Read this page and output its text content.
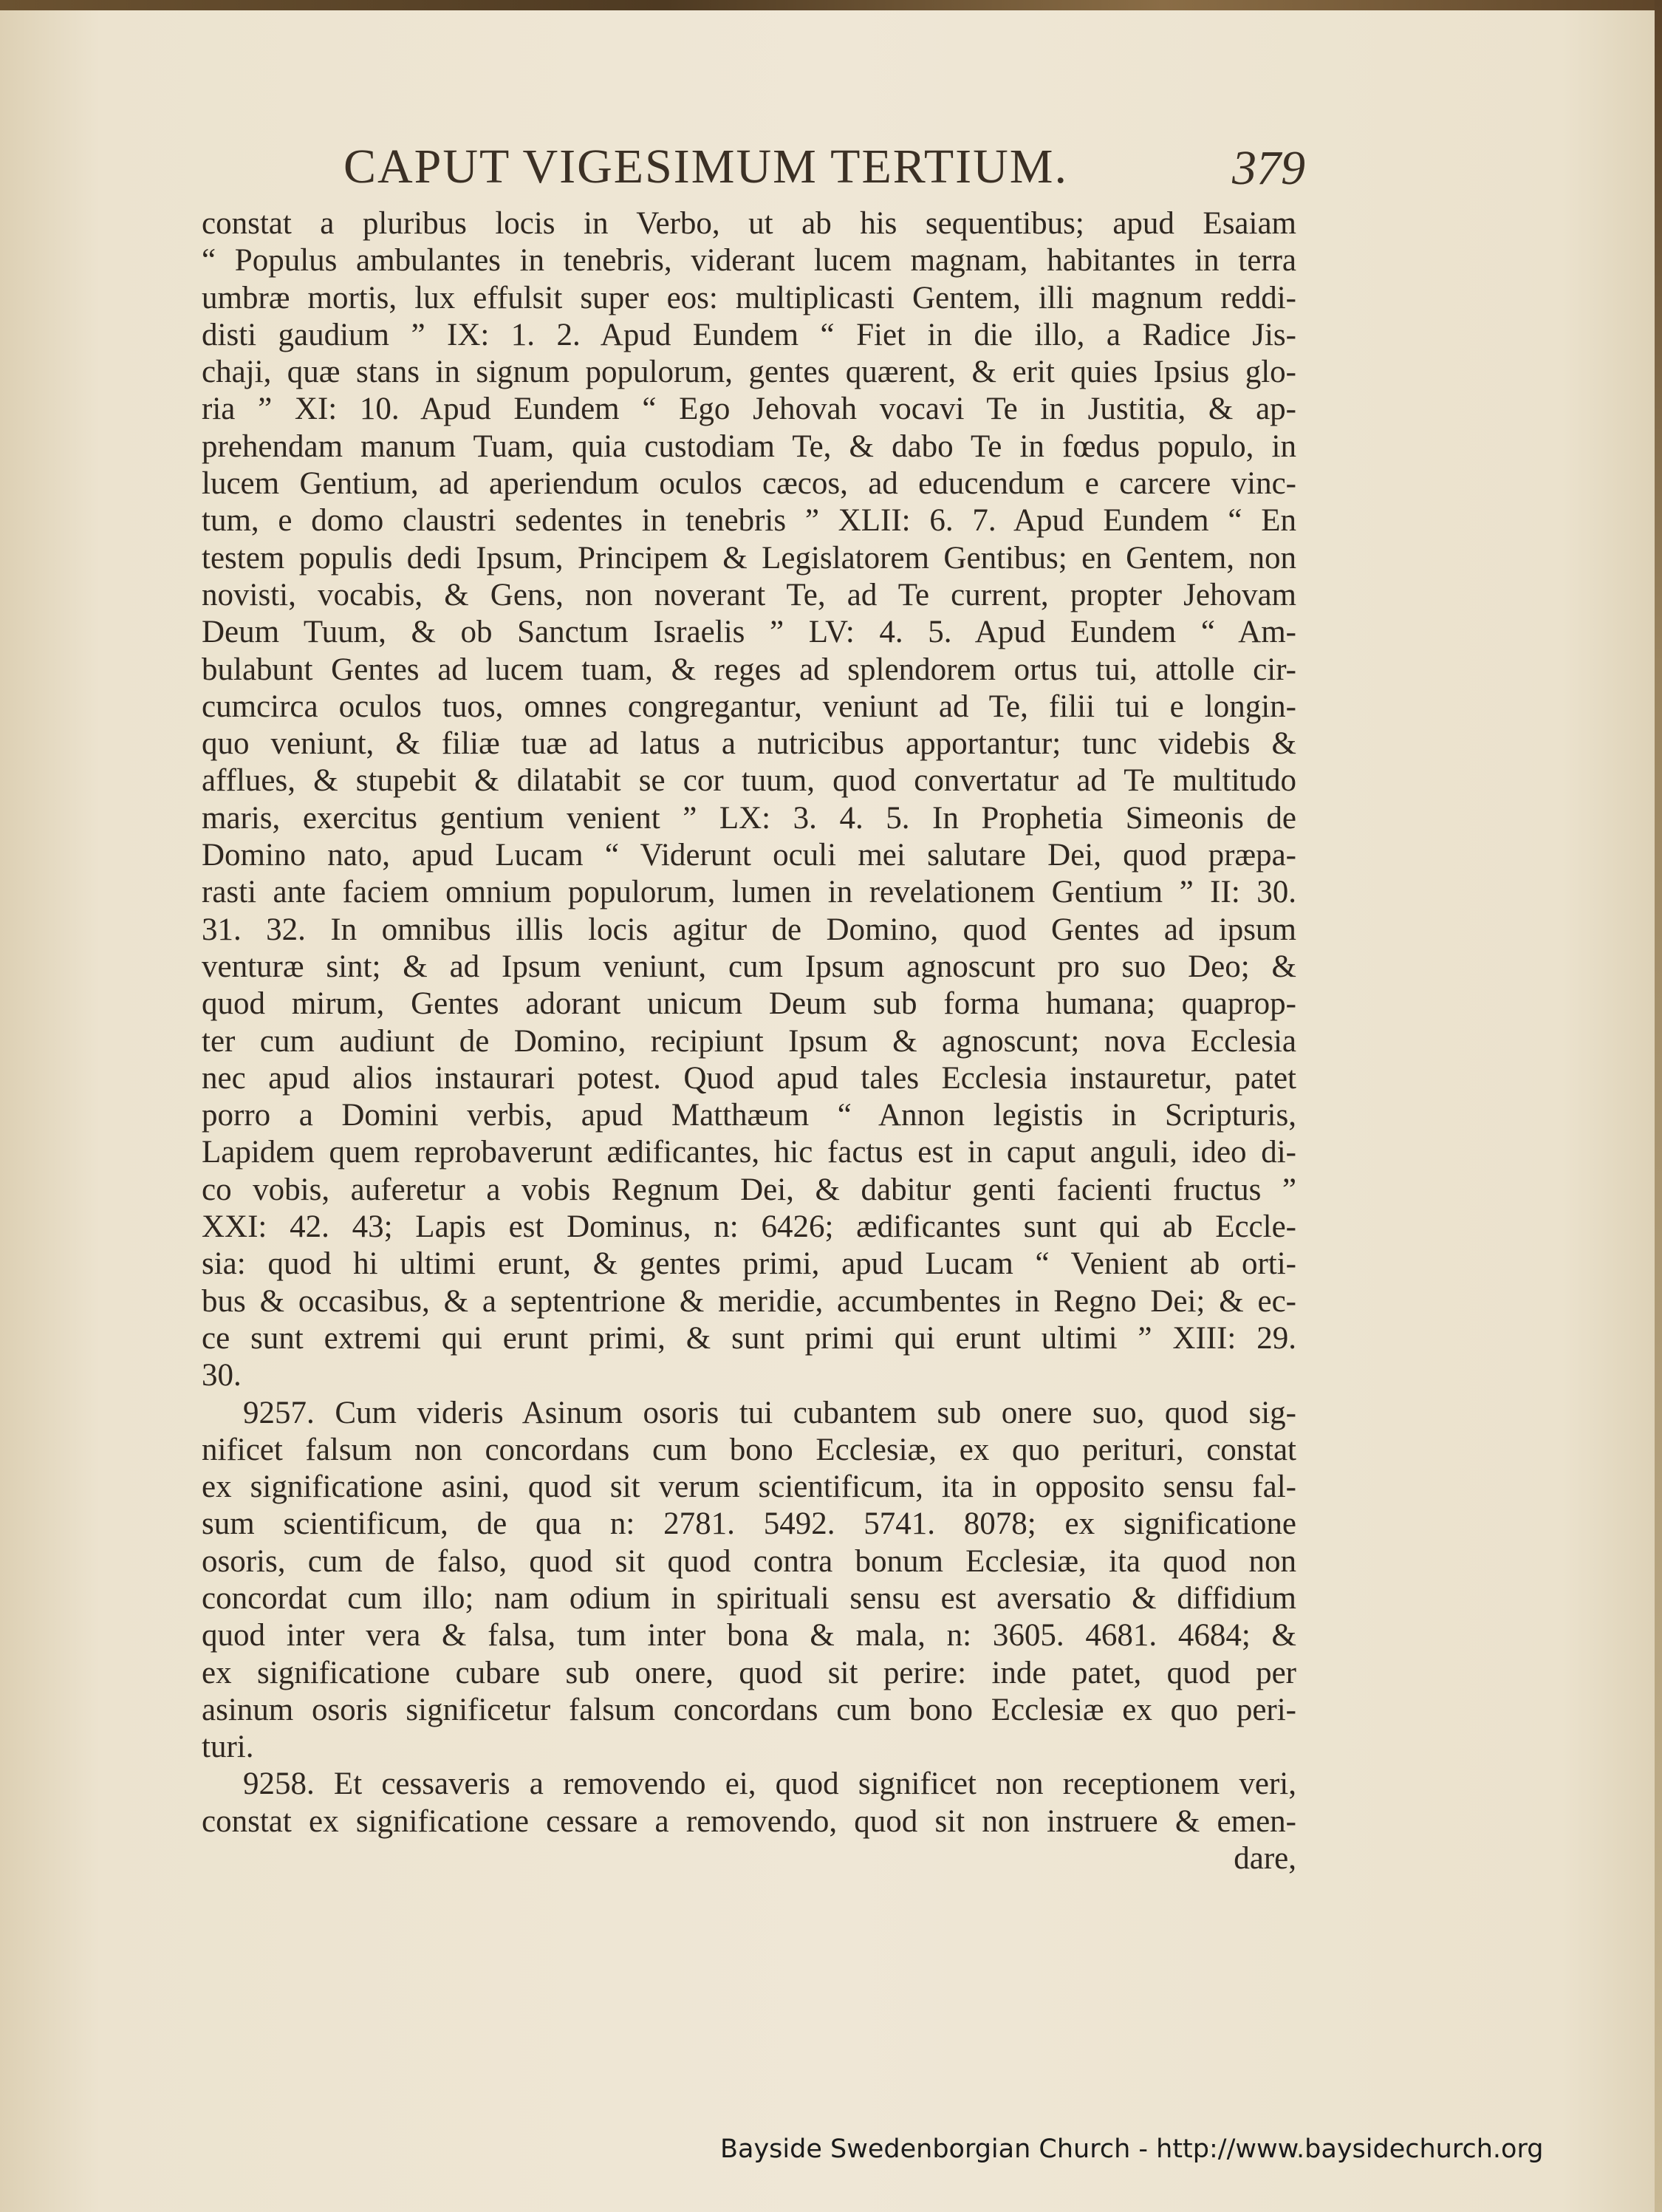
CAPUT VIGESIMUM TERTIUM.	379
constat a pluribus locis in Verbo, ut ab his sequentibus; apud Esaiam
“ Populus ambulantes in tenebris, viderant lucem magnam, habitantes in terra
umbræ mortis, lux effulsit super eos: multiplicasti Gentem, illi magnum reddi-
disti gaudium ” IX: 1. 2. Apud Eundem “ Fiet in die illo, a Radice Jis-
chaji, quæ stans in signum populorum, gentes quærent, & erit quies Ipsius glo-
ria ” XI: 10. Apud Eundem “ Ego Jehovah vocavi Te in Justitia, & ap-
prehendam manum Tuam, quia custodiam Te, & dabo Te in fœdus populo, in
lucem Gentium, ad aperiendum oculos cæcos, ad educendum e carcere vinc-
tum, e domo claustri sedentes in tenebris ” XLII: 6. 7. Apud Eundem “ En
testem populis dedi Ipsum, Principem & Legislatorem Gentibus; en Gentem, non
novisti, vocabis, & Gens, non noverant Te, ad Te current, propter Jehovam
Deum Tuum, & ob Sanctum Israelis ” LV: 4. 5. Apud Eundem “ Am-
bulabunt Gentes ad lucem tuam, & reges ad splendorem ortus tui, attolle cir-
cumcirca oculos tuos, omnes congregantur, veniunt ad Te, filii tui e longin-
quo veniunt, & filiæ tuæ ad latus a nutricibus apportantur; tunc videbis &
afflues, & stupebit & dilatabit se cor tuum, quod convertatur ad Te multitudo
maris, exercitus gentium venient ” LX: 3. 4. 5. In Prophetia Simeonis de
Domino nato, apud Lucam “ Viderunt oculi mei salutare Dei, quod præpa-
rasti ante faciem omnium populorum, lumen in revelationem Gentium ” II: 30.
31. 32. In omnibus illis locis agitur de Domino, quod Gentes ad ipsum
venturæ sint; & ad Ipsum veniunt, cum Ipsum agnoscunt pro suo Deo; &
quod mirum, Gentes adorant unicum Deum sub forma humana; quaprop-
ter cum audiunt de Domino, recipiunt Ipsum & agnoscunt; nova Ecclesia
nec apud alios instaurari potest. Quod apud tales Ecclesia instauretur, patet
porro a Domini verbis, apud Matthæum “ Annon legistis in Scripturis,
Lapidem quem reprobaverunt ædificantes, hic factus est in caput anguli, ideo di-
co vobis, auferetur a vobis Regnum Dei, & dabitur genti facienti fructus ”
XXI: 42. 43; Lapis est Dominus, n: 6426; ædificantes sunt qui ab Eccle-
sia: quod hi ultimi erunt, & gentes primi, apud Lucam “ Venient ab orti-
bus & occasibus, & a septentrione & meridie, accumbentes in Regno Dei; & ec-
ce sunt extremi qui erunt primi, & sunt primi qui erunt ultimi ” XIII: 29.
30.
9257. Cum videris Asinum osoris tui cubantem sub onere suo, quod sig-
nificet falsum non concordans cum bono Ecclesiæ, ex quo perituri, constat
ex significatione asini, quod sit verum scientificum, ita in opposito sensu fal-
sum scientificum, de qua n: 2781. 5492. 5741. 8078; ex significatione
osoris, cum de falso, quod sit quod contra bonum Ecclesiæ, ita quod non
concordat cum illo; nam odium in spirituali sensu est aversatio & diffidium
quod inter vera & falsa, tum inter bona & mala, n: 3605. 4681. 4684; &
ex significatione cubare sub onere, quod sit perire: inde patet, quod per
asinum osoris significetur falsum concordans cum bono Ecclesiæ ex quo peri-
turi.
9258. Et cessaveris a removendo ei, quod significet non receptionem veri,
constat ex significatione cessare a removendo, quod sit non instruere & emen-
dare,
Bayside Swedenborgian Church - http://www.baysidechurch.org
